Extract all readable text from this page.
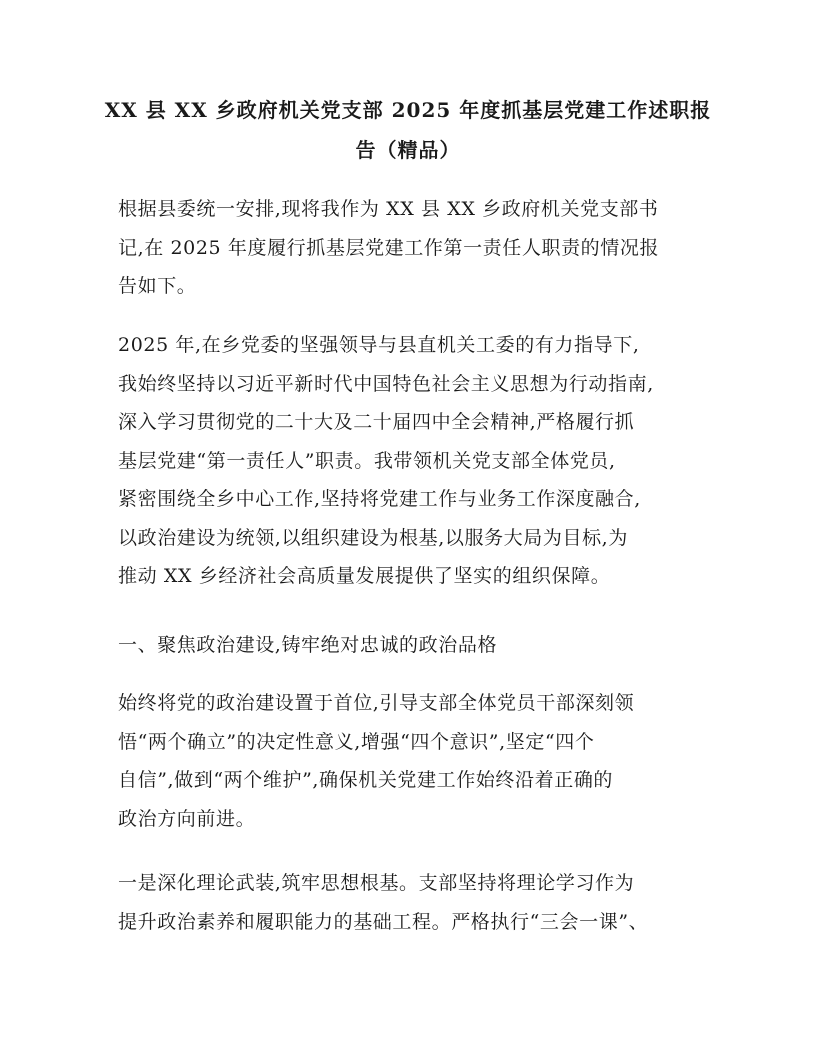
XX 县 XX 乡政府机关党支部 2025 年度抓基层党建工作述职报
告（精品）
根据县委统一安排,现将我作为 XX 县 XX 乡政府机关党支部书
记,在 2025 年度履行抓基层党建工作第一责任人职责的情况报
告如下。
2025 年,在乡党委的坚强领导与县直机关工委的有力指导下,
我始终坚持以习近平新时代中国特色社会主义思想为行动指南,
深入学习贯彻党的二十大及二十届四中全会精神,严格履行抓
基层党建“第一责任人”职责。我带领机关党支部全体党员,
紧密围绕全乡中心工作,坚持将党建工作与业务工作深度融合,
以政治建设为统领,以组织建设为根基,以服务大局为目标,为
推动 XX 乡经济社会高质量发展提供了坚实的组织保障。
一、聚焦政治建设,铸牢绝对忠诚的政治品格
始终将党的政治建设置于首位,引导支部全体党员干部深刻领
悟“两个确立”的决定性意义,增强“四个意识”,坚定“四个
自信”,做到“两个维护”,确保机关党建工作始终沿着正确的
政治方向前进。
一是深化理论武装,筑牢思想根基。支部坚持将理论学习作为
提升政治素养和履职能力的基础工程。严格执行“三会一课”、
